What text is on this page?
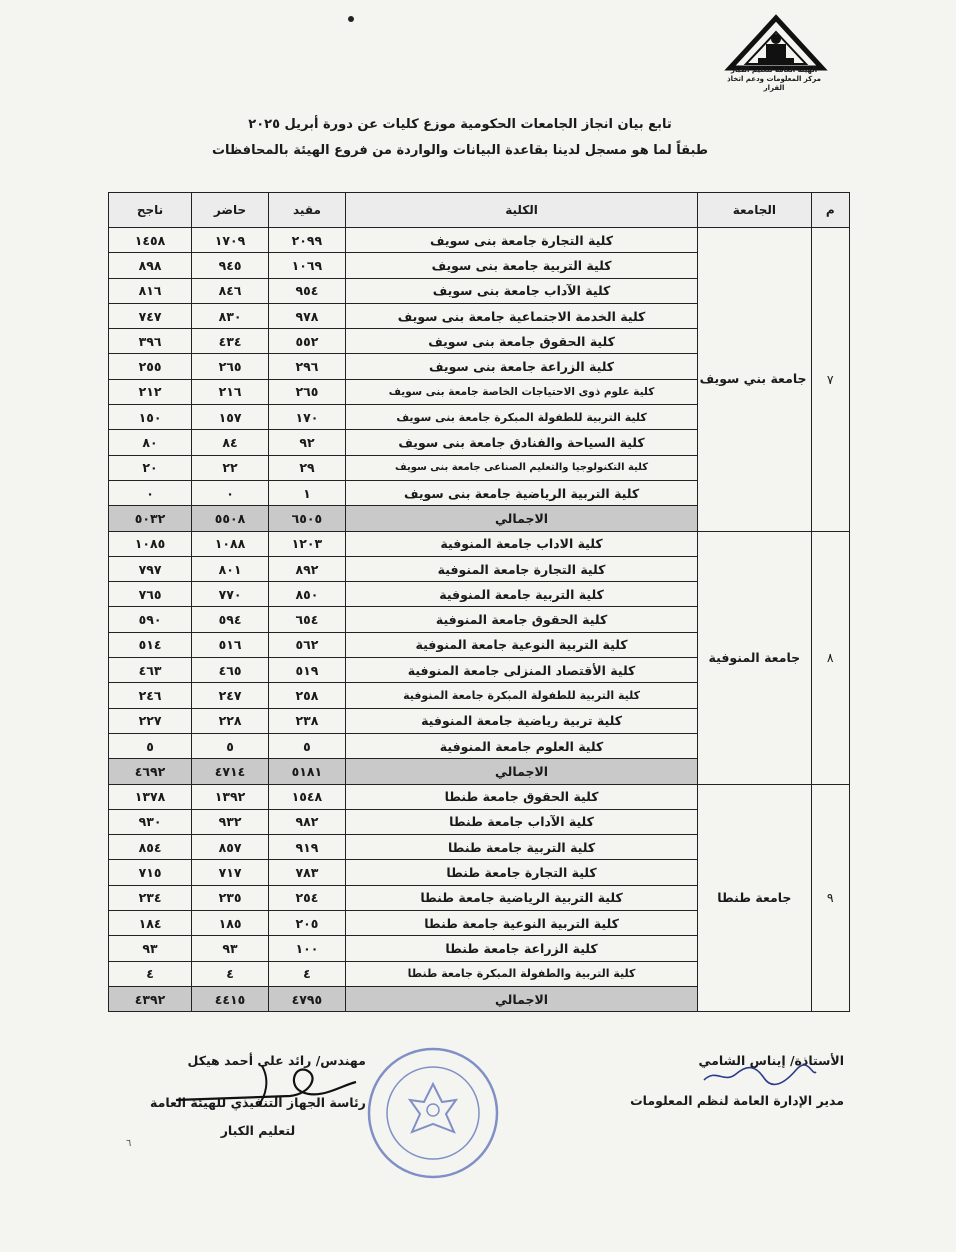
الهيئة العامة لتعليم الكبار
مركز المعلومات ودعم اتخاذ القرار
تابع بيان انجاز الجامعات الحكومية موزع كليات عن دورة أبريل ٢٠٢٥
طبقاً لما هو مسجل لدينا بقاعدة البيانات والواردة من فروع الهيئة بالمحافظات
م	الجامعة	الكلية	مقيد	حاضر	ناجح
٧	جامعة بني سويف	كلية التجارة جامعة بنى سويف	٢٠٩٩	١٧٠٩	١٤٥٨
		كلية التربية جامعة بنى سويف	١٠٦٩	٩٤٥	٨٩٨
		كلية الآداب جامعة بنى سويف	٩٥٤	٨٤٦	٨١٦
		كلية الخدمة الاجتماعية جامعة بنى سويف	٩٧٨	٨٣٠	٧٤٧
		كلية الحقوق جامعة بنى سويف	٥٥٢	٤٣٤	٣٩٦
		كلية الزراعة جامعة بنى سويف	٢٩٦	٢٦٥	٢٥٥
		كلية علوم ذوى الاحتياجات الخاصة جامعة بنى سويف	٢٦٥	٢١٦	٢١٢
		كلية التربية للطفولة المبكرة جامعة بنى سويف	١٧٠	١٥٧	١٥٠
		كلية السياحة والفنادق جامعة بنى سويف	٩٢	٨٤	٨٠
		كلية التكنولوجيا والتعليم الصناعى جامعة بنى سويف	٢٩	٢٢	٢٠
		كلية التربية الرياضية جامعة بنى سويف	١	٠	٠
		الاجمالي	٦٥٠٥	٥٥٠٨	٥٠٣٢
٨	جامعة المنوفية	كلية الاداب جامعة المنوفية	١٢٠٣	١٠٨٨	١٠٨٥
		كلية التجارة جامعة المنوفية	٨٩٢	٨٠١	٧٩٧
		كلية التربية جامعة المنوفية	٨٥٠	٧٧٠	٧٦٥
		كلية الحقوق جامعة المنوفية	٦٥٤	٥٩٤	٥٩٠
		كلية التربية النوعية جامعة المنوفية	٥٦٢	٥١٦	٥١٤
		كلية الأقتصاد المنزلى جامعة المنوفية	٥١٩	٤٦٥	٤٦٣
		كلية التربية للطفولة المبكرة جامعة المنوفية	٢٥٨	٢٤٧	٢٤٦
		كلية تربية رياضية جامعة المنوفية	٢٣٨	٢٢٨	٢٢٧
		كلية العلوم جامعة المنوفية	٥	٥	٥
		الاجمالي	٥١٨١	٤٧١٤	٤٦٩٢
٩	جامعة طنطا	كلية الحقوق جامعة طنطا	١٥٤٨	١٣٩٢	١٣٧٨
		كلية الآداب جامعة طنطا	٩٨٢	٩٣٢	٩٣٠
		كلية التربية جامعة طنطا	٩١٩	٨٥٧	٨٥٤
		كلية التجارة جامعة طنطا	٧٨٣	٧١٧	٧١٥
		كلية التربية الرياضية جامعة طنطا	٢٥٤	٢٣٥	٢٣٤
		كلية التربية النوعية جامعة طنطا	٢٠٥	١٨٥	١٨٤
		كلية الزراعة جامعة طنطا	١٠٠	٩٣	٩٣
		كلية التربية والطفولة المبكرة جامعة طنطا	٤	٤	٤
		الاجمالي	٤٧٩٥	٤٤١٥	٤٣٩٢
الأستاذة/ إيناس الشامي
مدير الإدارة العامة لنظم المعلومات
مهندس/ رائد على أحمد هيكل
رئاسة الجهاز التنفيذي للهيئة العامة
لتعليم الكبار
٦
